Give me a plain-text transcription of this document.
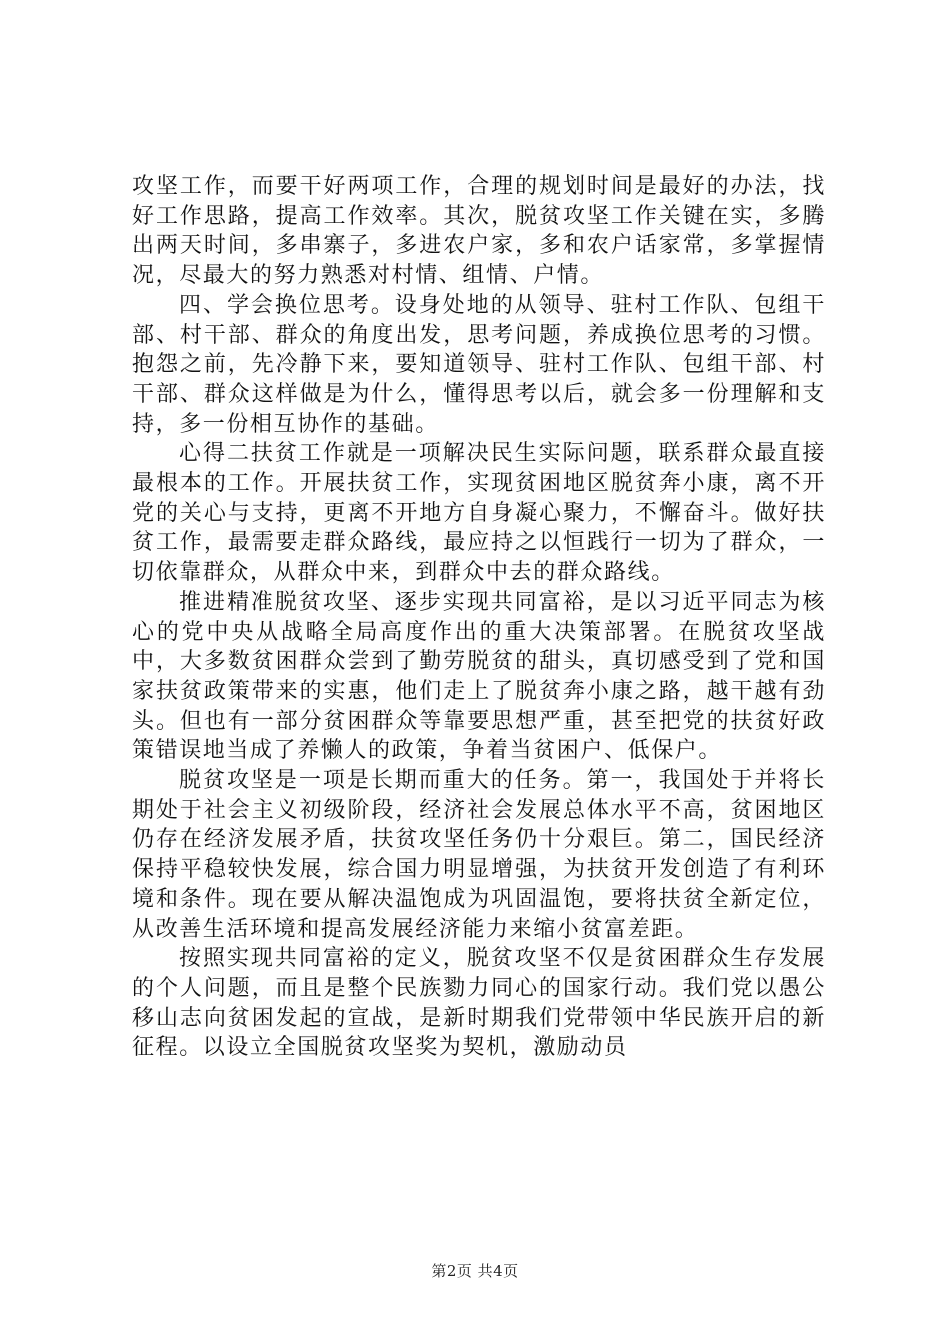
攻坚工作，而要干好两项工作，合理的规划时间是最好的办法，找好工作思路，提高工作效率。其次，脱贫攻坚工作关键在实，多腾出两天时间，多串寨子，多进农户家，多和农户话家常，多掌握情况，尽最大的努力熟悉对村情、组情、户情。

四、学会换位思考。设身处地的从领导、驻村工作队、包组干部、村干部、群众的角度出发，思考问题，养成换位思考的习惯。抱怨之前，先冷静下来，要知道领导、驻村工作队、包组干部、村干部、群众这样做是为什么，懂得思考以后，就会多一份理解和支持，多一份相互协作的基础。

心得二扶贫工作就是一项解决民生实际问题，联系群众最直接最根本的工作。开展扶贫工作，实现贫困地区脱贫奔小康，离不开党的关心与支持，更离不开地方自身凝心聚力，不懈奋斗。做好扶贫工作，最需要走群众路线，最应持之以恒践行一切为了群众，一切依靠群众，从群众中来，到群众中去的群众路线。

推进精准脱贫攻坚、逐步实现共同富裕，是以习近平同志为核心的党中央从战略全局高度作出的重大决策部署。在脱贫攻坚战中，大多数贫困群众尝到了勤劳脱贫的甜头，真切感受到了党和国家扶贫政策带来的实惠，他们走上了脱贫奔小康之路，越干越有劲头。但也有一部分贫困群众等靠要思想严重，甚至把党的扶贫好政策错误地当成了养懒人的政策，争着当贫困户、低保户。

脱贫攻坚是一项是长期而重大的任务。第一，我国处于并将长期处于社会主义初级阶段，经济社会发展总体水平不高，贫困地区仍存在经济发展矛盾，扶贫攻坚任务仍十分艰巨。第二，国民经济保持平稳较快发展，综合国力明显增强，为扶贫开发创造了有利环境和条件。现在要从解决温饱成为巩固温饱，要将扶贫全新定位，从改善生活环境和提高发展经济能力来缩小贫富差距。

按照实现共同富裕的定义，脱贫攻坚不仅是贫困群众生存发展的个人问题，而且是整个民族勠力同心的国家行动。我们党以愚公移山志向贫困发起的宣战，是新时期我们党带领中华民族开启的新征程。以设立全国脱贫攻坚奖为契机，激励动员

第2页 共4页
